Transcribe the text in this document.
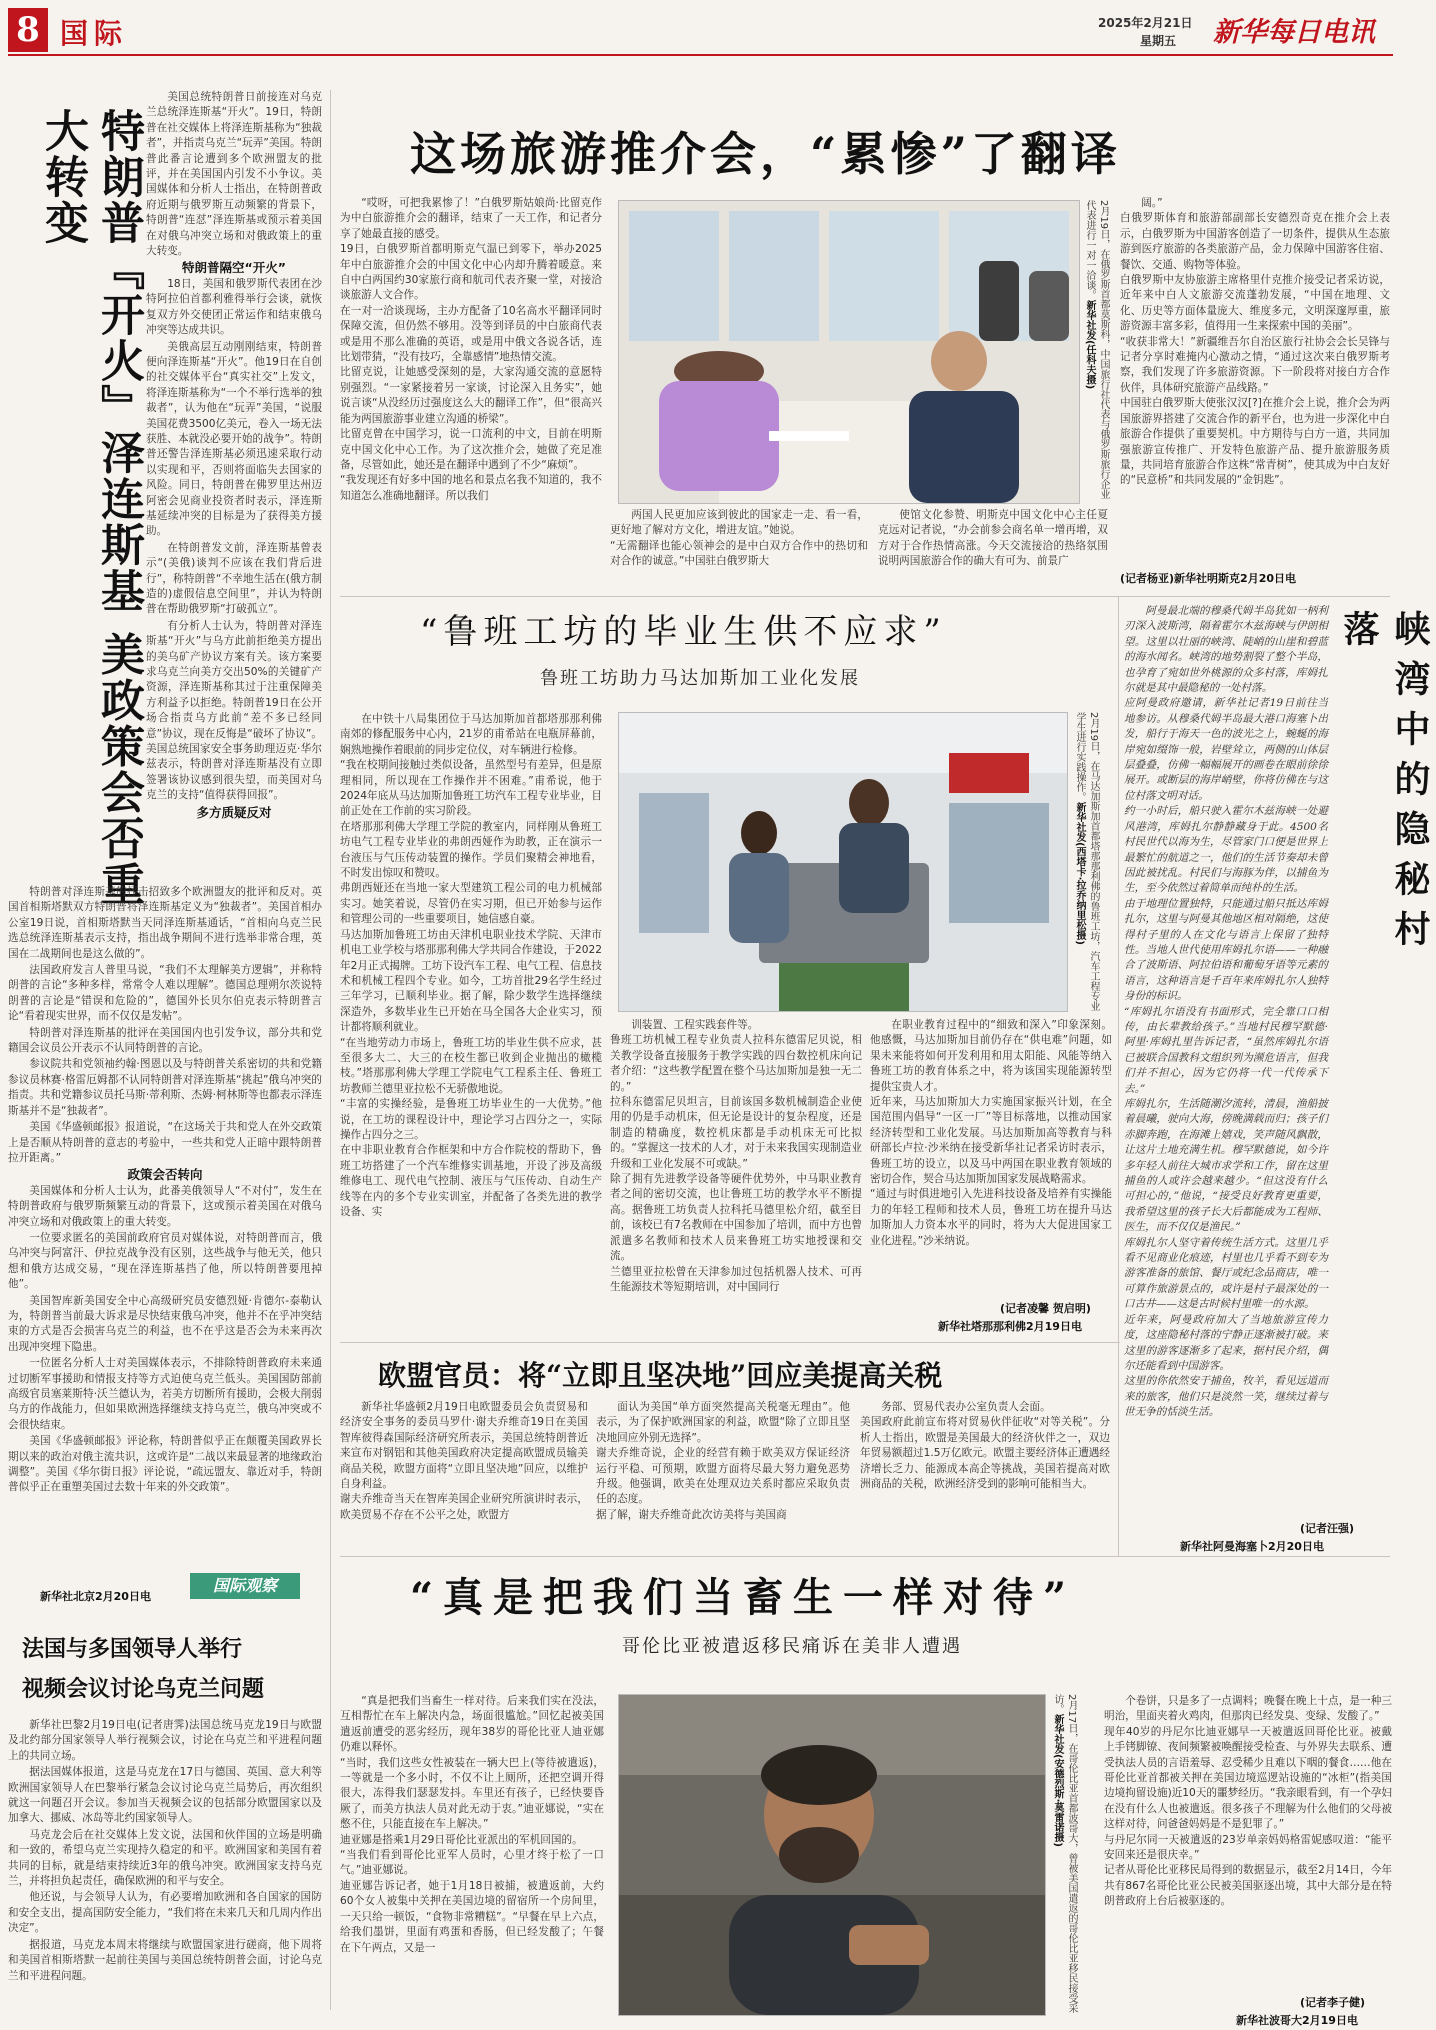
8 国际	2025年2月21日
星期五 新华每日电讯
特朗普『开火』泽连斯基 美政策会否重大转变

美国总统特朗普日前接连对乌克兰总统泽连斯基“开火”。19日，特朗普在社交媒体上将泽连斯基称为“独裁者”，并指责乌克兰“玩弄”美国。特朗普此番言论遭到多个欧洲盟友的批评，并在美国国内引发不小争议。美国媒体和分析人士指出，在特朗普政府近期与俄罗斯互动频繁的背景下，特朗普“连怼”泽连斯基或预示着美国在对俄乌冲突立场和对俄政策上的重大转变。

特朗普隔空“开火”

18日，美国和俄罗斯代表团在沙特阿拉伯首都利雅得举行会谈，就恢复双方外交使团正常运作和结束俄乌冲突等达成共识。

美俄高层互动刚刚结束，特朗普便向泽连斯基“开火”。他19日在自创的社交媒体平台“真实社交”上发文，将泽连斯基称为“一个不举行选举的独裁者”，认为他在“玩弄”美国，“说服美国花费3500亿美元，卷入一场无法获胜、本就没必要开始的战争”。特朗普还警告泽连斯基必须迅速采取行动以实现和平，否则将面临失去国家的风险。同日，特朗普在佛罗里达州迈阿密会见商业投资者时表示，泽连斯基延续冲突的目标是为了获得美方援助。

在特朗普发文前，泽连斯基曾表示“(美俄)谈判不应该在我们背后进行”，称特朗普“不幸地生活在(俄方制造的)虚假信息空间里”，并认为特朗普在帮助俄罗斯“打破孤立”。

有分析人士认为，特朗普对泽连斯基“开火”与乌方此前拒绝美方提出的美乌矿产协议方案有关。该方案要求乌克兰向美方交出50%的关键矿产资源，泽连斯基称其过于注重保障美方利益予以拒绝。特朗普19日在公开场合指责乌方此前“差不多已经同意”协议，现在反悔是“破坏了协议”。美国总统国家安全事务助理迈克·华尔兹表示，特朗普对泽连斯基没有立即签署该协议感到很失望，而美国对乌克兰的支持“值得获得回报”。

多方质疑反对

特朗普对泽连斯基的抨击招致多个欧洲盟友的批评和反对。英国首相斯塔默双方特朗普将泽连斯基定义为“独裁者”。美国首相办公室19日说，首相斯塔默当天同泽连斯基通话，“首相向乌克兰民选总统泽连斯基表示支持，指出战争期间不进行选举非常合理，英国在二战期间也是这么做的”。

法国政府发言人普里马说，“我们不太理解美方逻辑”，并称特朗普的言论“多种多样，常常令人难以理解”。德国总理朔尔茨说特朗普的言论是“错误和危险的”，德国外长贝尔伯克表示特朗普言论“看着现实世界，而不仅仅是发帖”。

特朗普对泽连斯基的批评在美国国内也引发争议，部分共和党籍国会议员公开表示不认同特朗普的言论。

参议院共和党领袖约翰·图恩以及与特朗普关系密切的共和党籍参议员林赛·格雷厄姆都不认同特朗普对泽连斯基“挑起”俄乌冲突的指责。共和党籍参议员托马斯·蒂利斯、杰姆·柯林斯等也都表示泽连斯基并不是“独裁者”。

美国《华盛顿邮报》报道说，“在这场关于共和党人在外交政策上是否顺从特朗普的意志的考验中，一些共和党人正暗中跟特朗普拉开距离。”

政策会否转向

美国媒体和分析人士认为，此番美俄领导人“不对付”，发生在特朗普政府与俄罗斯频繁互动的背景下，这或预示着美国在对俄乌冲突立场和对俄政策上的重大转变。

一位要求匿名的美国前政府官员对媒体说，对特朗普而言，俄乌冲突与阿富汗、伊拉克战争没有区别，这些战争与他无关，他只想和俄方达成交易，“现在泽连斯基挡了他，所以特朗普要甩掉他”。

美国智库新美国安全中心高级研究员安德烈娅·肯德尔-泰勒认为，特朗普当前最大诉求是尽快结束俄乌冲突，他并不在乎冲突结束的方式是否会损害乌克兰的利益，也不在乎这是否会为未来再次出现冲突埋下隐患。

一位匿名分析人士对美国媒体表示，不排除特朗普政府未来通过切断军事援助和情报支持等方式迫使乌克兰低头。美国国防部前高级官员塞莱斯特·沃兰德认为，若美方切断所有援助，会极大削弱乌方的作战能力，但如果欧洲选择继续支持乌克兰，俄乌冲突或不会很快结束。

美国《华盛顿邮报》评论称，特朗普似乎正在颠覆美国政界长期以来的政治对俄主流共识，这或许是“二战以来最显著的地缘政治调整”。美国《华尔街日报》评论说，“疏远盟友、靠近对手，特朗普似乎正在重塑美国过去数十年来的外交政策”。

新华社北京2月20日电
国际观察
法国与多国领导人举行
视频会议讨论乌克兰问题

新华社巴黎2月19日电(记者唐霁)法国总统马克龙19日与欧盟及北约部分国家领导人举行视频会议，讨论在乌克兰和平进程问题上的共同立场。

据法国媒体报道，这是马克龙在17日与德国、英国、意大利等欧洲国家领导人在巴黎举行紧急会议讨论乌克兰局势后，再次组织就这一问题召开会议。参加当天视频会议的包括部分欧盟国家以及加拿大、挪威、冰岛等北约国家领导人。

马克龙会后在社交媒体上发文说，法国和伙伴国的立场是明确和一致的，希望乌克兰实现持久稳定的和平。欧洲国家和美国有着共同的目标，就是结束持续近3年的俄乌冲突。欧洲国家支持乌克兰，并将担负起责任，确保欧洲的和平与安全。

他还说，与会领导人认为，有必要增加欧洲和各自国家的国防和安全支出，提高国防安全能力，“我们将在未来几天和几周内作出决定”。

据报道，马克龙本周末将继续与欧盟国家进行磋商，他下周将和美国首相斯塔默一起前往美国与美国总统特朗普会面，讨论乌克兰和平进程问题。

这场旅游推介会，“累惨”了翻译
“哎呀，可把我累惨了！”白俄罗斯姑娘尚·比留克作为中白旅游推介会的翻译，结束了一天工作，和记者分享了她最直接的感受。
19日，白俄罗斯首都明斯克气温已到零下，举办2025年中白旅游推介会的中国文化中心内却升腾着暖意。来自中白两国约30家旅行商和航司代表齐聚一堂，对接洽谈旅游人文合作。
在一对一洽谈现场，主办方配备了10名高水平翻译同时保障交流，但仍然不够用。没等到译员的中白旅商代表或是用不那么准确的英语，或是用中俄文各说各话，连比划带猜，“没有技巧，全靠感情”地热情交流。
比留克说，让她感受深刻的是，大家沟通交流的意愿特别强烈。“一家紧接着另一家谈，讨论深入且务实”，她说言谈“从没经历过强度这么大的翻译工作”，但“很高兴能为两国旅游事业建立沟通的桥梁”。
比留克曾在中国学习，说一口流利的中文，目前在明斯克中国文化中心工作。为了这次推介会，她做了充足准备，尽管如此，她还是在翻译中遇到了不少“麻烦”。
“我发现还有好多中国的地名和景点名我不知道的，我不知道怎么准确地翻译。所以我们	2月19日，在俄罗斯首都莫斯科，中国旅行社代表与俄罗斯旅行企业代表进行一对一洽谈。新华社发(任科夫摄)
两国人民更加应该到彼此的国家走一走、看一看，更好地了解对方文化，增进友谊。”她说。
“无需翻译也能心领神会的是中白双方合作中的热切和对合作的诚意。”中国驻白俄罗斯大
使馆文化参赞、明斯克中国文化中心主任夏克远对记者说，“办会前参会商名单一增再增，双方对于合作热情高涨。今天交流接洽的热络氛围说明两国旅游合作的确大有可为、前景广
阔。”
白俄罗斯体育和旅游部副部长安德烈奇克在推介会上表示，白俄罗斯为中国游客创造了一切条件，提供从生态旅游到医疗旅游的各类旅游产品，金力保障中国游客住宿、餐饮、交通、购物等体验。
白俄罗斯中友协旅游主席格里什克推介接受记者采访说，近年来中白人文旅游交流蓬勃发展，“中国在地理、文化、历史等方面体量庞大、维度多元，文明深邃厚重，旅游资源丰富多彩，值得用一生来探索中国的美丽”。
“收获非常大！”新疆维吾尔自治区旅行社协会会长吴锋与记者分享时难掩内心激动之情，“通过这次来白俄罗斯考察，我们发现了许多旅游资源。下一阶段将对接白方合作伙伴，具体研究旅游产品线路。”
中国驻白俄罗斯大使张汉汉[?]在推介会上说，推介会为两国旅游界搭建了交流合作的新平台，也为进一步深化中白旅游合作提供了重要契机。中方期待与白方一道，共同加强旅游宣传推广、开发特色旅游产品、提升旅游服务质量，共同培育旅游合作这株“常青树”，使其成为中白友好的“民意桥”和共同发展的“金钥匙”。
(记者杨亚)新华社明斯克2月20日电
“鲁班工坊的毕业生供不应求”
鲁班工坊助力马达加斯加工业化发展
在中铁十八局集团位于马达加斯加首都塔那那利佛南郊的修配服务中心内，21岁的甫希站在电瓶屏幕前，娴熟地操作着眼前的同步定位仪，对车辆进行检修。
“我在校期间接触过类似设备，虽然型号有差异，但是原理相同，所以现在工作操作并不困难。”甫希说，他于2024年底从马达加斯加鲁班工坊汽车工程专业毕业，目前正处在工作前的实习阶段。
在塔那那利佛大学理工学院的教室内，同样刚从鲁班工坊电气工程专业毕业的弗朗西娅作为助教，正在演示一台液压与气压传动装置的操作。学员们聚精会神地看，不时发出惊叹和赞叹。
弗朗西娅还在当地一家大型建筑工程公司的电力机械部实习。她笑着说，尽管仍在实习期，但已开始参与运作和管理公司的一些重要项目，她信感自豪。
马达加斯加鲁班工坊由天津机电职业技术学院、天津市机电工业学校与塔那那利佛大学共同合作建设，于2022年2月正式揭牌。工坊下设汽车工程、电气工程、信息技术和机械工程四个专业。如今，工坊首批29名学生经过三年学习，已顺利毕业。据了解，除少数学生选择继续深造外，多数毕业生已开始在马全国各大企业实习，预计都将顺利就业。
“在当地劳动力市场上，鲁班工坊的毕业生供不应求，甚至很多大二、大三的在校生都已收到企业抛出的橄榄枝。”塔那那利佛大学理工学院电气工程系主任、鲁班工坊教师兰德里亚拉松不无骄傲地说。
“丰富的实操经验，是鲁班工坊毕业生的一大优势。”他说，在工坊的课程设计中，理论学习占四分之一，实际操作占四分之三。
在中非职业教育合作框架和中方合作院校的帮助下，鲁班工坊搭建了一个汽车维修实训基地，开设了涉及高级维修电工、现代电气控制、液压与气压传动、自动生产线等在内的多个专业实训室，并配备了各类先进的教学设备、实
2月19日，在马达加斯加首都塔那那利佛的鲁班工坊，汽车工程专业学生进行实践操作。新华社发(西塔卡·拉乔纳里松摄)
训装置、工程实践套件等。
鲁班工坊机械工程专业负责人拉科东德雷尼贝说，相关教学设备直接服务于教学实践的四台数控机床向记者介绍：“这些教学配置在整个马达加斯加是独一无二的。”
拉科东德雷尼贝坦言，目前该国多数机械制造企业使用的仍是手动机床，但无论是设计的复杂程度，还是制造的精确度，数控机床都是手动机床无可比拟的。“掌握这一技术的人才，对于未来我国实现制造业升级和工业化发展不可或缺。”
除了拥有先进教学设备等硬件优势外，中马职业教育者之间的密切交流，也让鲁班工坊的教学水平不断提高。据鲁班工坊负责人拉科托马德里松介绍，截至目前，该校已有7名教师在中国参加了培训，而中方也曾派遣多名教师和技术人员来鲁班工坊实地授课和交流。
兰德里亚拉松曾在天津参加过包括机器人技术、可再生能源技术等短期培训，对中国同行
在职业教育过程中的“细致和深入”印象深刻。他感慨，马达加斯加目前仍存在“供电难”问题，如果未来能将如何开发利用和用太阳能、风能等纳入鲁班工坊的教育体系之中，将为该国实现能源转型提供宝贵人才。
近年来，马达加斯加大力实施国家振兴计划，在全国范围内倡导“一区一厂”等目标落地，以推动国家经济转型和工业化发展。马达加斯加高等教育与科研部长卢拉·沙米纳在接受新华社记者采访时表示，鲁班工坊的设立，以及马中两国在职业教育领域的密切合作，契合马达加斯加国家发展战略需求。
“通过与时俱进地引入先进科技设备及培养有实操能力的年轻工程师和技术人员，鲁班工坊在提升马达加斯加人力资本水平的同时，将为大大促进国家工业化进程。”沙米纳说。
(记者凌馨 贺启明)
新华社塔那那利佛2月19日电
欧盟官员：将“立即且坚决地”回应美提高关税
新华社华盛顿2月19日电欧盟委员会负责贸易和经济安全事务的委员马罗什·谢夫乔维奇19日在美国智库彼得森国际经济研究所表示，美国总统特朗普近来宣布对钢铝和其他美国政府决定提高欧盟成员输美商品关税，欧盟方面将“立即且坚决地”回应，以维护自身利益。
谢夫乔维奇当天在智库美国企业研究所演讲时表示，欧美贸易不存在不公平之处，欧盟方
面认为美国“单方面突然提高关税毫无理由”。他表示，为了保护欧洲国家的利益，欧盟“除了立即且坚决地回应外别无选择”。
谢夫乔维奇说，企业的经营有赖于欧美双方保证经济运行平稳、可预期，欧盟方面将尽最大努力避免恶势升级。他强调，欧美在处理双边关系时都应采取负责任的态度。
据了解，谢夫乔维奇此次访美将与美国商
务部、贸易代表办公室负责人会面。
美国政府此前宣布将对贸易伙伴征收“对等关税”。分析人士指出，欧盟是美国最大的经济伙伴之一，双边年贸易额超过1.5万亿欧元。欧盟主要经济体正遭遇经济增长乏力、能源成本高企等挑战，美国若提高对欧洲商品的关税，欧洲经济受到的影响可能相当大。
峡湾中的隐秘村落
阿曼最北端的穆桑代姆半岛犹如一柄利刃深入波斯湾，隔着霍尔木兹海峡与伊朗相望。这里以壮丽的峡湾、陡峭的山崖和碧蓝的海水闻名。峡湾的地势割裂了整个半岛，也孕育了宛如世外桃源的众多村落，库姆扎尔就是其中最隐秘的一处村落。
应阿曼政府邀请，新华社记者19日前往当地参访。从穆桑代姆半岛最大港口海塞卜出发，船行于海天一色的波光之上，蜿蜒的海岸宛如缀饰一般，岩壁耸立，两侧的山体层层叠叠，仿佛一幅幅展开的画卷在眼前徐徐展开。或断层的海岸峭壁，你将仿佛在与这位村落文明对话。
约一小时后，船只驶入霍尔木兹海峡一处避风港湾，库姆扎尔静静藏身于此。4500名村民世代以海为生，尽管家门口便是世界上最繁忙的航道之一，他们的生活节奏却未曾因此被扰乱。村民们与海豚为伴，以捕鱼为生，至今依然过着简单而纯朴的生活。
由于地理位置独特，只能通过船只抵达库姆扎尔，这里与阿曼其他地区相对隔绝，这使得村子里的人在文化与语言上保留了独特性。当地人世代使用库姆扎尔语——一种融合了波斯语、阿拉伯语和葡萄牙语等元素的语言，这种语言是千百年来库姆扎尔人独特身份的标识。
“库姆扎尔语没有书面形式，完全靠口口相传，由长辈教给孩子。”当地村民穆罕默德·阿里·库姆扎里告诉记者，“虽然库姆扎尔语已被联合国教科文组织列为濒危语言，但我们并不担心，因为它仍将一代一代传承下去。”
库姆扎尔，生活随潮汐流转，清晨，渔船披着晨曦，驶向大海，傍晚满载而归；孩子们赤脚奔跑，在海滩上嬉戏，笑声随风飘散，让这片土地充满生机。穆罕默德说，如今许多年轻人前往大城市求学和工作，留在这里捕鱼的人或许会越来越少。“但这没有什么可担心的，”他说，“接受良好教育更重要，我希望这里的孩子长大后都能成为工程师、医生，而不仅仅是渔民。”
库姆扎尔人坚守着传统生活方式。这里几乎看不见商业化痕迹，村里也几乎看不到专为游客准备的旅馆、餐厅或纪念品商店，唯一可算作旅游景点的，或许是村子最深处的一口古井——这是古时候村里唯一的水源。
近年来，阿曼政府加大了当地旅游宣传力度，这座隐秘村落的宁静正逐渐被打破。来这里的游客逐渐多了起来，据村民介绍，偶尔还能看到中国游客。
这里的你依然安于捕鱼，牧羊，看见远道而来的旅客，他们只是淡然一笑，继续过着与世无争的恬淡生活。
(记者汪强)
新华社阿曼海塞卜2月20日电
“真是把我们当畜生一样对待”
哥伦比亚被遣返移民痛诉在美非人遭遇
“真是把我们当畜生一样对待。后来我们实在没法，互相帮忙在车上解决内急，场面很尴尬。”回忆起被美国遣返前遭受的恶劣经历，现年38岁的哥伦比亚人迪亚娜仍难以释怀。
“当时，我们这些女性被装在一辆大巴上(等待被遣返)，一等就是一个多小时，不仅不让上厕所，还把空调开得很大，冻得我们瑟瑟发抖。车里还有孩子，已经快要昏厥了，而美方执法人员对此无动于衷。”迪亚娜说，“实在憋不住，只能直接在车上解决。”
迪亚娜是搭乘1月29日哥伦比亚派出的军机回国的。
“当我们看到哥伦比亚军人员时，心里才终于松了一口气。”迪亚娜说。
迪亚娜告诉记者，她于1月18日被捕，被遣返前，大约60个女人被集中关押在美国边境的留宿所一个房间里，一天只给一顿饭，“食物非常糟糕”。“早餐在早上六点，给我们墨饼，里面有鸡蛋和香肠，但已经发酸了；午餐在下午两点，又是一	2月17日，在哥伦比亚首都波哥大，曾被美国遣返的哥伦比亚移民接受采访。新华社发(安德烈斯·莫雷诺摄)
个卷饼，只是多了一点调料；晚餐在晚上十点，是一种三明治，里面夹着火鸡肉，但那肉已经发臭、变绿、发酸了。”
现年40岁的丹尼尔比迪亚娜早一天被遣返回哥伦比亚。被戴上手铐脚镣、夜间频繁被唤醒接受检查、与外界失去联系、遭受执法人员的言语羞辱、忍受稀少且难以下咽的餐食……他在哥伦比亚首都被关押在美国边境巡逻站设施的“冰柜”(指美国边境拘留设施)近10天的噩梦经历。“我亲眼看到，有一个孕妇在没有什么人也被遣返。很多孩子不理解为什么他们的父母被这样对待，问爸爸妈妈是不是犯罪了。”
与丹尼尔同一天被遣返的23岁单亲妈妈格雷妮感叹道：“能平安回来还是很庆幸。”
记者从哥伦比亚移民局得到的数据显示，截至2月14日，今年共有867名哥伦比亚公民被美国驱逐出境，其中大部分是在特朗普政府上台后被驱逐的。
(记者李子健)
新华社波哥大2月19日电
